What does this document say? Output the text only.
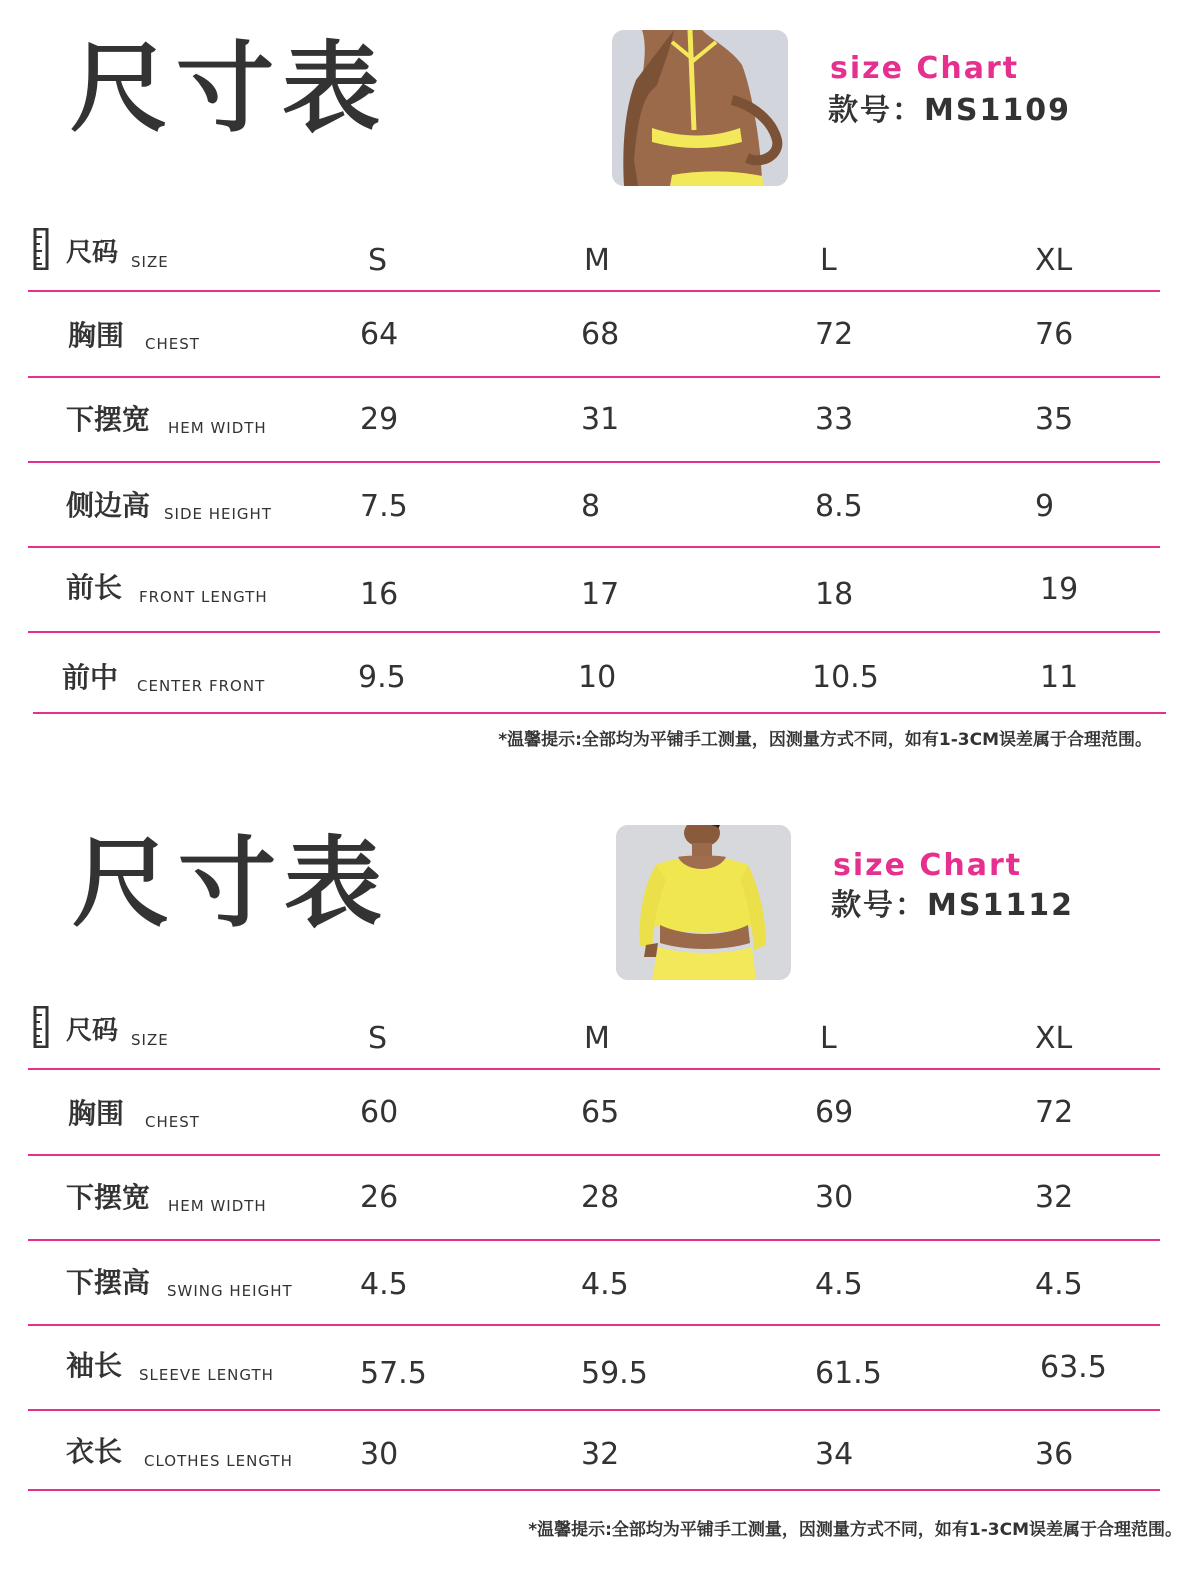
尺寸表	size Chart
款号：MS1109
尺码 SIZE	S	M	L	XL
胸围 CHEST	64	68	72	76
下摆宽 HEM WIDTH	29	31	33	35
侧边高 SIDE HEIGHT	7.5	8	8.5	9
前长 FRONT LENGTH	16	17	18	19
前中 CENTER FRONT	9.5	10	10.5	11
*温馨提示:全部均为平铺手工测量，因测量方式不同，如有1-3CM误差属于合理范围。
尺寸表	size Chart
款号：MS1112
尺码 SIZE	S	M	L	XL
胸围 CHEST	60	65	69	72
下摆宽 HEM WIDTH	26	28	30	32
下摆高 SWING HEIGHT 4.5	4.5	4.5	4.5
袖长 SLEEVE LENGTH	57.5	59.5	61.5	63.5
衣长 CLOTHES LENGTH 30	32	34	36
*温馨提示:全部均为平铺手工测量，因测量方式不同，如有1-3CM误差属于合理范围。
